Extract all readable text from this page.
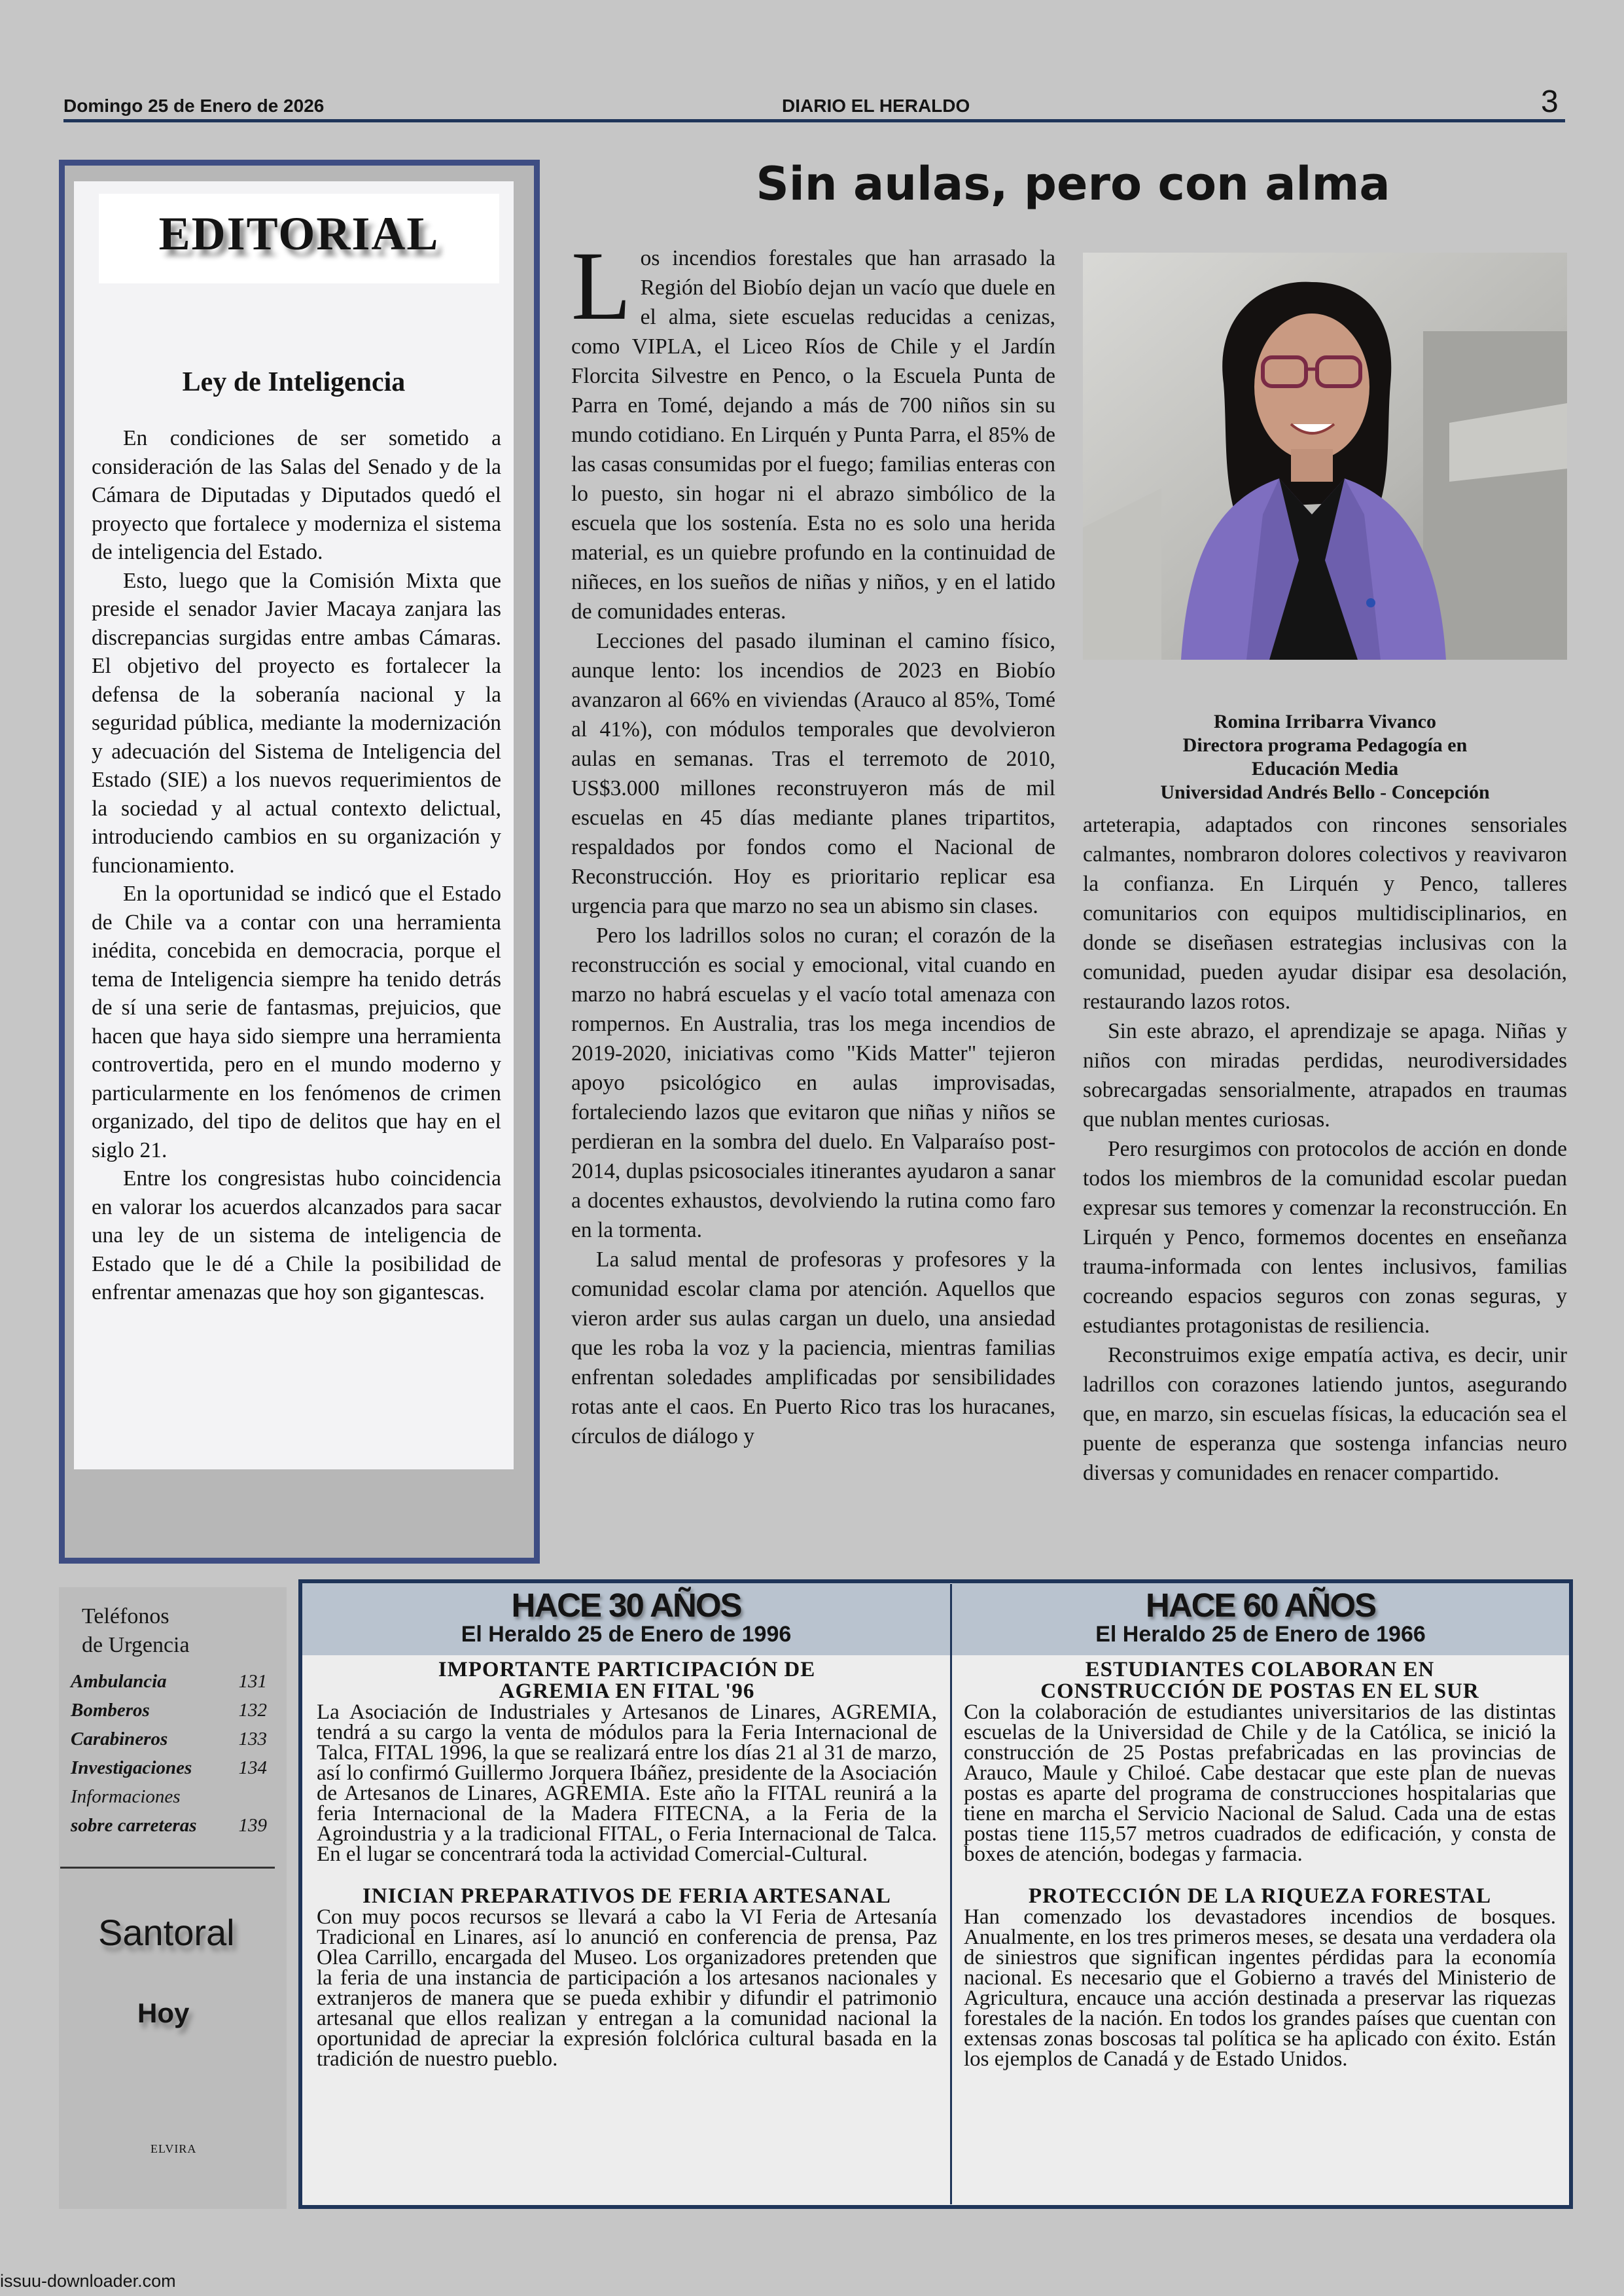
Domingo 25 de Enero de 2026	DIARIO EL HERALDO	3
EDITORIAL
Ley de Inteligencia

En condiciones de ser sometido a consideración de las Salas del Senado y de la Cámara de Diputadas y Diputados quedó el proyecto que fortalece y moderniza el sistema de inteligencia del Estado.

Esto, luego que la Comisión Mixta que preside el senador Javier Macaya zanjara las discrepancias surgidas entre ambas Cámaras. El objetivo del proyecto es fortalecer la defensa de la soberanía nacional y la seguridad pública, mediante la modernización y adecuación del Sistema de Inteligencia del Estado (SIE) a los nuevos requerimientos de la sociedad y al actual contexto delictual, introduciendo cambios en su organización y funcionamiento.

En la oportunidad se indicó que el Estado de Chile va a contar con una herramienta inédita, concebida en democracia, porque el tema de Inteligencia siempre ha tenido detrás de sí una serie de fantasmas, prejuicios, que hacen que haya sido siempre una herramienta controvertida, pero en el mundo moderno y particularmente en los fenómenos de crimen organizado, del tipo de delitos que hay en el siglo 21.

Entre los congresistas hubo coincidencia en valorar los acuerdos alcanzados para sacar una ley de un sistema de inteligencia de Estado que le dé a Chile la posibilidad de enfrentar amenazas que hoy son gigantescas.

Sin aulas, pero con alma

Los incendios forestales que han arrasado la Región del Biobío dejan un vacío que duele en el alma, siete escuelas reducidas a cenizas, como VIPLA, el Liceo Ríos de Chile y el Jardín Florcita Silvestre en Penco, o la Escuela Punta de Parra en Tomé, dejando a más de 700 niños sin su mundo cotidiano. En Lirquén y Punta Parra, el 85% de las casas consumidas por el fuego; familias enteras con lo puesto, sin hogar ni el abrazo simbólico de la escuela que los sostenía. Esta no es solo una herida material, es un quiebre profundo en la continuidad de niñeces, en los sueños de niñas y niños, y en el latido de comunidades enteras.

Lecciones del pasado iluminan el camino físico, aunque lento: los incendios de 2023 en Biobío avanzaron al 66% en viviendas (Arauco al 85%, Tomé al 41%), con módulos temporales que devolvieron aulas en semanas. Tras el terremoto de 2010, US$3.000 millones reconstruyeron más de mil escuelas en 45 días mediante planes tripartitos, respaldados por fondos como el Nacional de Reconstrucción. Hoy es prioritario replicar esa urgencia para que marzo no sea un abismo sin clases.

Pero los ladrillos solos no curan; el corazón de la reconstrucción es social y emocional, vital cuando en marzo no habrá escuelas y el vacío total amenaza con rompernos. En Australia, tras los mega incendios de 2019-2020, iniciativas como "Kids Matter" tejieron apoyo psicológico en aulas improvisadas, fortaleciendo lazos que evitaron que niñas y niños se perdieran en la sombra del duelo. En Valparaíso post-2014, duplas psicosociales itinerantes ayudaron a sanar a docentes exhaustos, devolviendo la rutina como faro en la tormenta.

La salud mental de profesoras y profesores y la comunidad escolar clama por atención. Aquellos que vieron arder sus aulas cargan un duelo, una ansiedad que les roba la voz y la paciencia, mientras familias enfrentan soledades amplificadas por sensibilidades rotas ante el caos. En Puerto Rico tras los huracanes, círculos de diálogo y

Romina Irribarra Vivanco
Directora programa Pedagogía en
Educación Media
Universidad Andrés Bello - Concepción

arteterapia, adaptados con rincones sensoriales calmantes, nombraron dolores colectivos y reavivaron la confianza. En Lirquén y Penco, talleres comunitarios con equipos multidisciplinarios, en donde se diseñasen estrategias inclusivas con la comunidad, pueden ayudar disipar esa desolación, restaurando lazos rotos.

Sin este abrazo, el aprendizaje se apaga. Niñas y niños con miradas perdidas, neurodiversidades sobrecargadas sensorialmente, atrapados en traumas que nublan mentes curiosas.

Pero resurgimos con protocolos de acción en donde todos los miembros de la comunidad escolar puedan expresar sus temores y comenzar la reconstrucción. En Lirquén y Penco, formemos docentes en enseñanza trauma-informada con lentes inclusivos, familias cocreando espacios seguros con zonas seguras, y estudiantes protagonistas de resiliencia.

Reconstruimos exige empatía activa, es decir, unir ladrillos con corazones latiendo juntos, asegurando que, en marzo, sin escuelas físicas, la educación sea el puente de esperanza que sostenga infancias neuro diversas y comunidades en renacer compartido.

Teléfonos
de Urgencia
Ambulancia	131
Bomberos	132
Carabineros	133
Investigaciones 134
Informaciones
sobre carreteras 139
Santoral
Hoy
ELVIRA
HACE 30 AÑOS
El Heraldo 25 de Enero de 1996
IMPORTANTE PARTICIPACIÓN DE AGREMIA EN FITAL '96
La Asociación de Industriales y Artesanos de Linares, AGREMIA, tendrá a su cargo la venta de módulos para la Feria Internacional de Talca, FITAL 1996, la que se realizará entre los días 21 al 31 de marzo, así lo confirmó Guillermo Jorquera Ibáñez, presidente de la Asociación de Artesanos de Linares, AGREMIA. Este año la FITAL reunirá a la feria Internacional de la Madera FITECNA, a la Feria de la Agroindustria y a la tradicional FITAL, o Feria Internacional de Talca. En el lugar se concentrará toda la actividad Comercial-Cultural.
INICIAN PREPARATIVOS DE FERIA ARTESANAL
Con muy pocos recursos se llevará a cabo la VI Feria de Artesanía Tradicional en Linares, así lo anunció en conferencia de prensa, Paz Olea Carrillo, encargada del Museo. Los organizadores pretenden que la feria de una instancia de participación a los artesanos nacionales y extranjeros de manera que se pueda exhibir y difundir el patrimonio artesanal que ellos realizan y entregan a la comunidad nacional la oportunidad de apreciar la expresión folclórica cultural basada en la tradición de nuestro pueblo.
HACE 60 AÑOS
El Heraldo 25 de Enero de 1966
ESTUDIANTES COLABORAN EN CONSTRUCCIÓN DE POSTAS EN EL SUR
Con la colaboración de estudiantes universitarios de las distintas escuelas de la Universidad de Chile y de la Católica, se inició la construcción de 25 Postas prefabricadas en las provincias de Arauco, Maule y Chiloé. Cabe destacar que este plan de nuevas postas es aparte del programa de construcciones hospitalarias que tiene en marcha el Servicio Nacional de Salud. Cada una de estas postas tiene 115,57 metros cuadrados de edificación, y consta de boxes de atención, bodegas y farmacia.
PROTECCIÓN DE LA RIQUEZA FORESTAL
Han comenzado los devastadores incendios de bosques. Anualmente, en los tres primeros meses, se desata una verdadera ola de siniestros que significan ingentes pérdidas para la economía nacional. Es necesario que el Gobierno a través del Ministerio de Agricultura, encauce una acción destinada a preservar las riquezas forestales de la nación. En todos los grandes países que cuentan con extensas zonas boscosas tal política se ha aplicado con éxito. Están los ejemplos de Canadá y de Estado Unidos.
issuu-downloader.com
